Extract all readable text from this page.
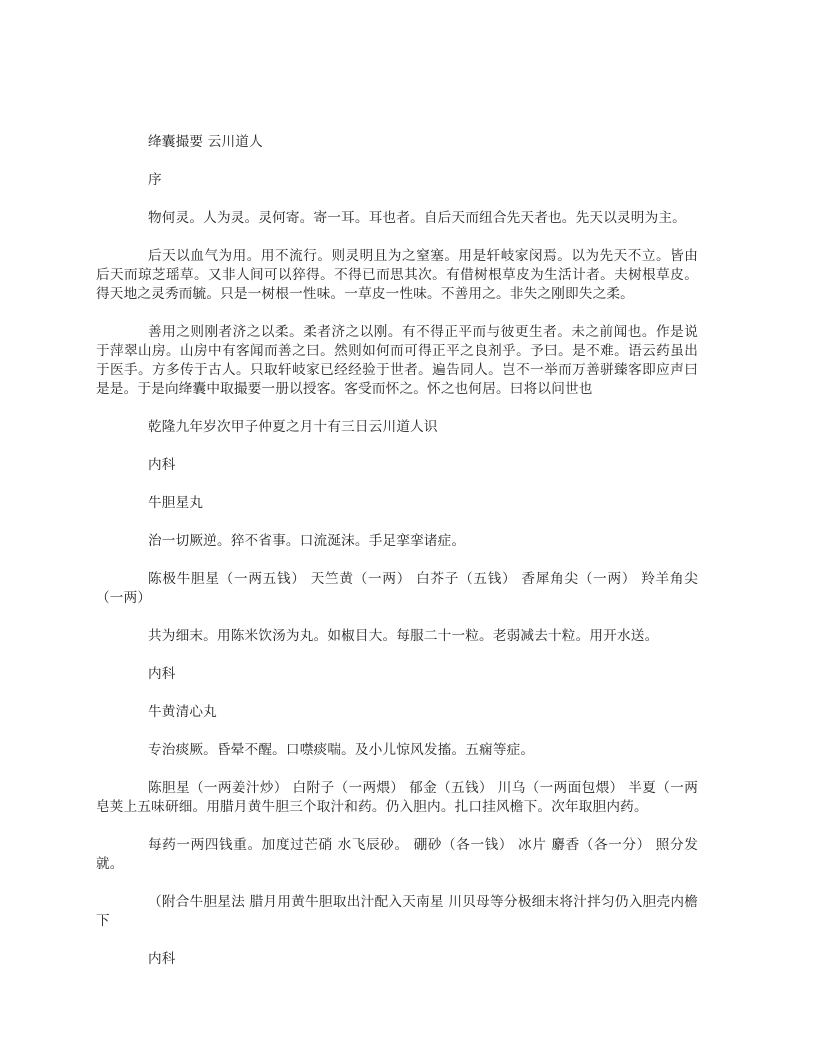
绛囊撮要 云川道人

序

物何灵。人为灵。灵何寄。寄一耳。耳也者。自后天而纽合先天者也。先天以灵明为主。

后天以血气为用。用不流行。则灵明且为之窒塞。用是轩岐家闵焉。以为先天不立。皆由后天而琼芝瑶草。又非人间可以猝得。不得已而思其次。有借树根草皮为生活计者。夫树根草皮。得天地之灵秀而毓。只是一树根一性味。一草皮一性味。不善用之。非失之刚即失之柔。

善用之则刚者济之以柔。柔者济之以刚。有不得正平而与彼更生者。未之前闻也。作是说于萍翠山房。山房中有客闻而善之曰。然则如何而可得正平之良剂乎。予曰。是不难。语云药虽出于医手。方多传于古人。只取轩岐家已经经验于世者。遍告同人。岂不一举而万善骈臻客即应声曰是是。于是向绛囊中取撮要一册以授客。客受而怀之。怀之也何居。曰将以问世也

乾隆九年岁次甲子仲夏之月十有三日云川道人识

内科

牛胆星丸

治一切厥逆。猝不省事。口流涎沫。手足挛挛诸症。

陈极牛胆星（一两五钱） 天竺黄（一两） 白芥子（五钱） 香犀角尖（一两） 羚羊角尖（一两）

共为细末。用陈米饮汤为丸。如椒目大。每服二十一粒。老弱减去十粒。用开水送。

内科

牛黄清心丸

专治痰厥。昏晕不醒。口噤痰喘。及小儿惊风发搐。五痫等症。

陈胆星（一两姜汁炒） 白附子（一两煨） 郁金（五钱） 川乌（一两面包煨） 半夏（一两皂荚上五味研细。用腊月黄牛胆三个取汁和药。仍入胆内。扎口挂风檐下。次年取胆内药。

每药一两四钱重。加度过芒硝 水飞辰砂。 硼砂（各一钱） 冰片 麝香（各一分） 照分发就。

（附合牛胆星法 腊月用黄牛胆取出汁配入天南星 川贝母等分极细末将汁拌匀仍入胆壳内檐下

内科
